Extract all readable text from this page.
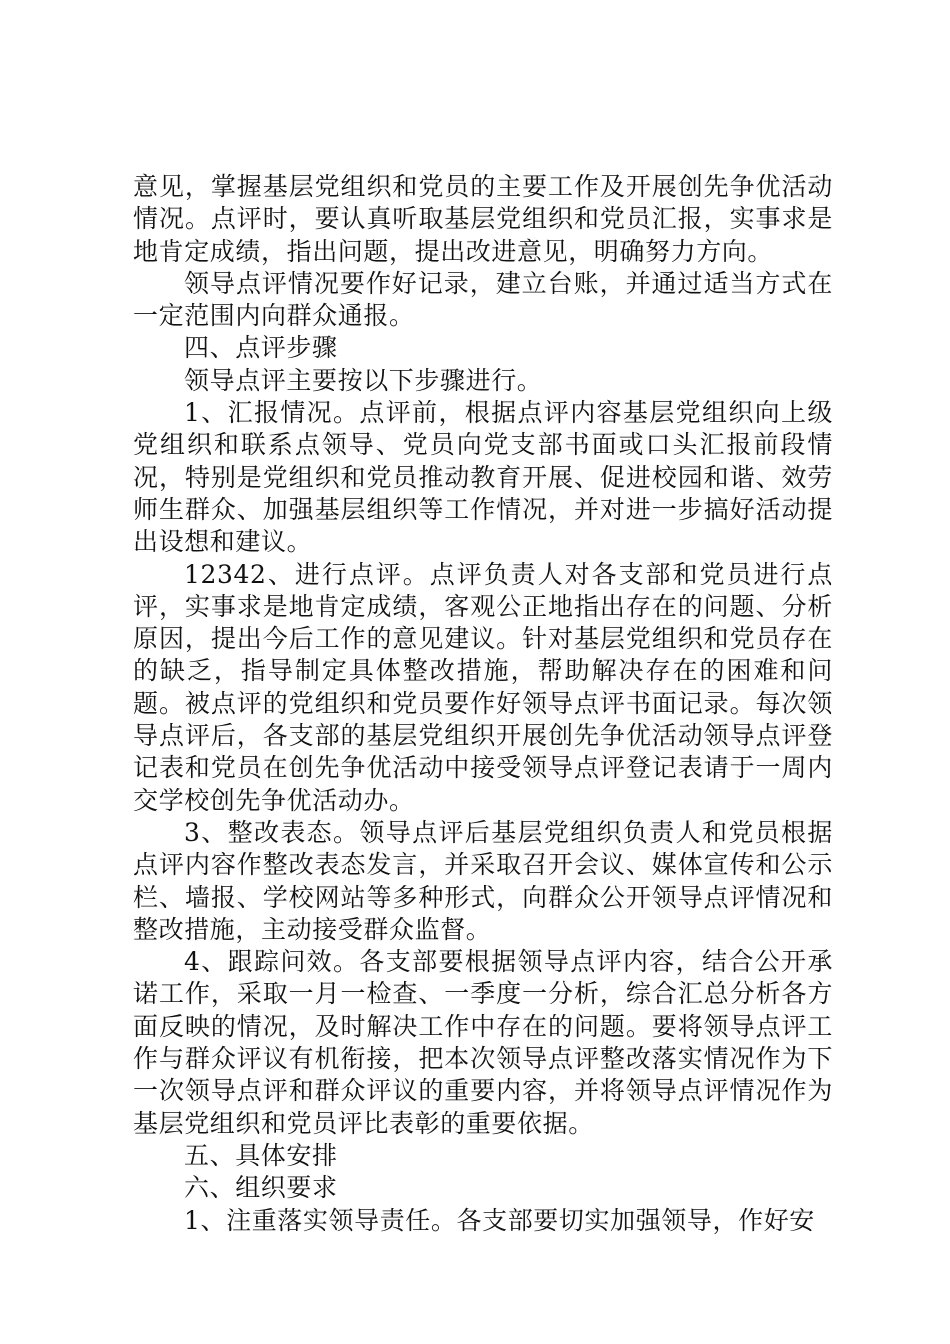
意见，掌握基层党组织和党员的主要工作及开展创先争优活动情况。点评时，要认真听取基层党组织和党员汇报，实事求是地肯定成绩，指出问题，提出改进意见，明确努力方向。

领导点评情况要作好记录，建立台账，并通过适当方式在一定范围内向群众通报。

四、点评步骤

领导点评主要按以下步骤进行。

1、汇报情况。点评前，根据点评内容基层党组织向上级党组织和联系点领导、党员向党支部书面或口头汇报前段情况，特别是党组织和党员推动教育开展、促进校园和谐、效劳师生群众、加强基层组织等工作情况，并对进一步搞好活动提出设想和建议。

12342、进行点评。点评负责人对各支部和党员进行点评，实事求是地肯定成绩，客观公正地指出存在的问题、分析原因，提出今后工作的意见建议。针对基层党组织和党员存在的缺乏，指导制定具体整改措施，帮助解决存在的困难和问题。被点评的党组织和党员要作好领导点评书面记录。每次领导点评后，各支部的基层党组织开展创先争优活动领导点评登记表和党员在创先争优活动中接受领导点评登记表请于一周内交学校创先争优活动办。

3、整改表态。领导点评后基层党组织负责人和党员根据点评内容作整改表态发言，并采取召开会议、媒体宣传和公示栏、墙报、学校网站等多种形式，向群众公开领导点评情况和整改措施，主动接受群众监督。

4、跟踪问效。各支部要根据领导点评内容，结合公开承诺工作，采取一月一检查、一季度一分析，综合汇总分析各方面反映的情况，及时解决工作中存在的问题。要将领导点评工作与群众评议有机衔接，把本次领导点评整改落实情况作为下一次领导点评和群众评议的重要内容，并将领导点评情况作为基层党组织和党员评比表彰的重要依据。

五、具体安排

六、组织要求

1、注重落实领导责任。各支部要切实加强领导，作好安
